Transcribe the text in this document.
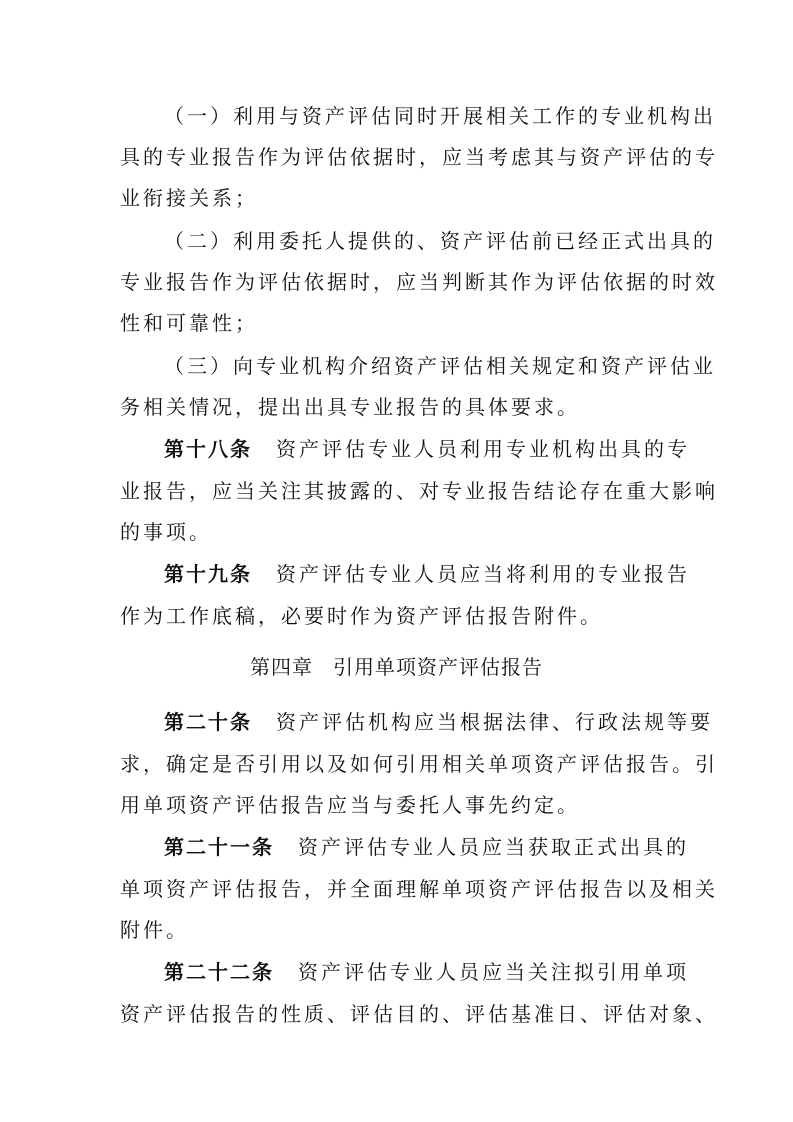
（一）利用与资产评估同时开展相关工作的专业机构出
具的专业报告作为评估依据时，应当考虑其与资产评估的专
业衔接关系；
（二）利用委托人提供的、资产评估前已经正式出具的
专业报告作为评估依据时，应当判断其作为评估依据的时效
性和可靠性；
（三）向专业机构介绍资产评估相关规定和资产评估业
务相关情况，提出出具专业报告的具体要求。
第十八条 资产评估专业人员利用专业机构出具的专
业报告，应当关注其披露的、对专业报告结论存在重大影响
的事项。
第十九条 资产评估专业人员应当将利用的专业报告
作为工作底稿，必要时作为资产评估报告附件。
第四章 引用单项资产评估报告
第二十条 资产评估机构应当根据法律、行政法规等要
求，确定是否引用以及如何引用相关单项资产评估报告。引
用单项资产评估报告应当与委托人事先约定。
第二十一条 资产评估专业人员应当获取正式出具的
单项资产评估报告，并全面理解单项资产评估报告以及相关
附件。
第二十二条 资产评估专业人员应当关注拟引用单项
资产评估报告的性质、评估目的、评估基准日、评估对象、
